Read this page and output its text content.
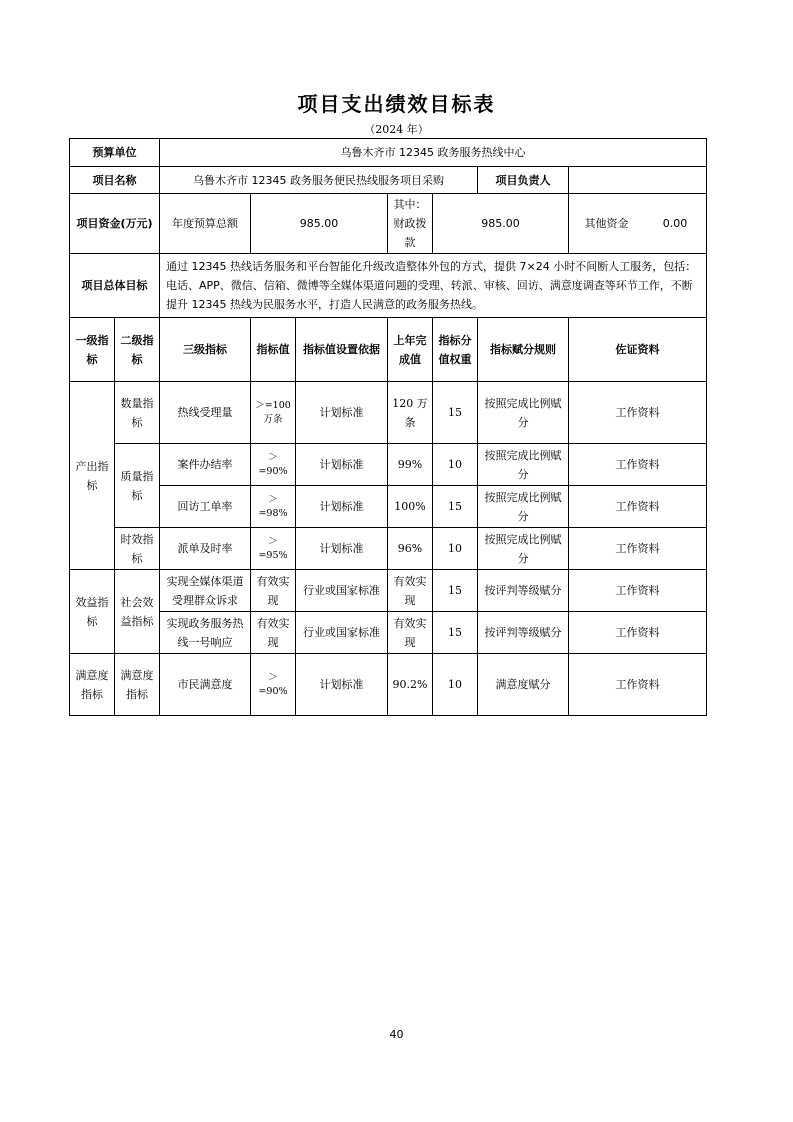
项目支出绩效目标表
（2024 年）
预算单位		乌鲁木齐市 12345 政务服务热线中心						
项目名称		乌鲁木齐市 12345 政务服务便民热线服务项目采购					项目负责人	
项目资金(万元)		年度预算总额	985.00		其中：财政拨款	985.00		其他资金 0.00

项目总体目标		通过 12345 热线话务服务和平台智能化升级改造整体外包的方式，提供 7×24 小时不间断人工服务，包括：电话、APP、微信、信箱、微博等全媒体渠道问题的受理、转派、审核、回访、满意度调查等环节工作，不断提升 12345 热线为民服务水平，打造人民满意的政务服务热线。						
一级指标	二级指标	三级指标	指标值	指标值设置依据	上年完成值	指标分值权重	指标赋分规则	佐证资料
产出指标	数量指标	热线受理量	＞=100万条	计划标准	120 万条	15	按照完成比例赋分	工作资料
	质量指标	案件办结率	＞=90%	计划标准	99%	10	按照完成比例赋分	工作资料
		回访工单率	＞=98%	计划标准	100%	15	按照完成比例赋分	工作资料
	时效指标	派单及时率	＞=95%	计划标准	96%	10	按照完成比例赋分	工作资料
效益指标	社会效益指标	实现全媒体渠道受理群众诉求	有效实现	行业或国家标准	有效实现	15	按评判等级赋分	工作资料
		实现政务服务热线一号响应	有效实现	行业或国家标准	有效实现	15	按评判等级赋分	工作资料
满意度指标	满意度指标	市民满意度	＞=90%	计划标准	90.2%	10	满意度赋分	工作资料
40
